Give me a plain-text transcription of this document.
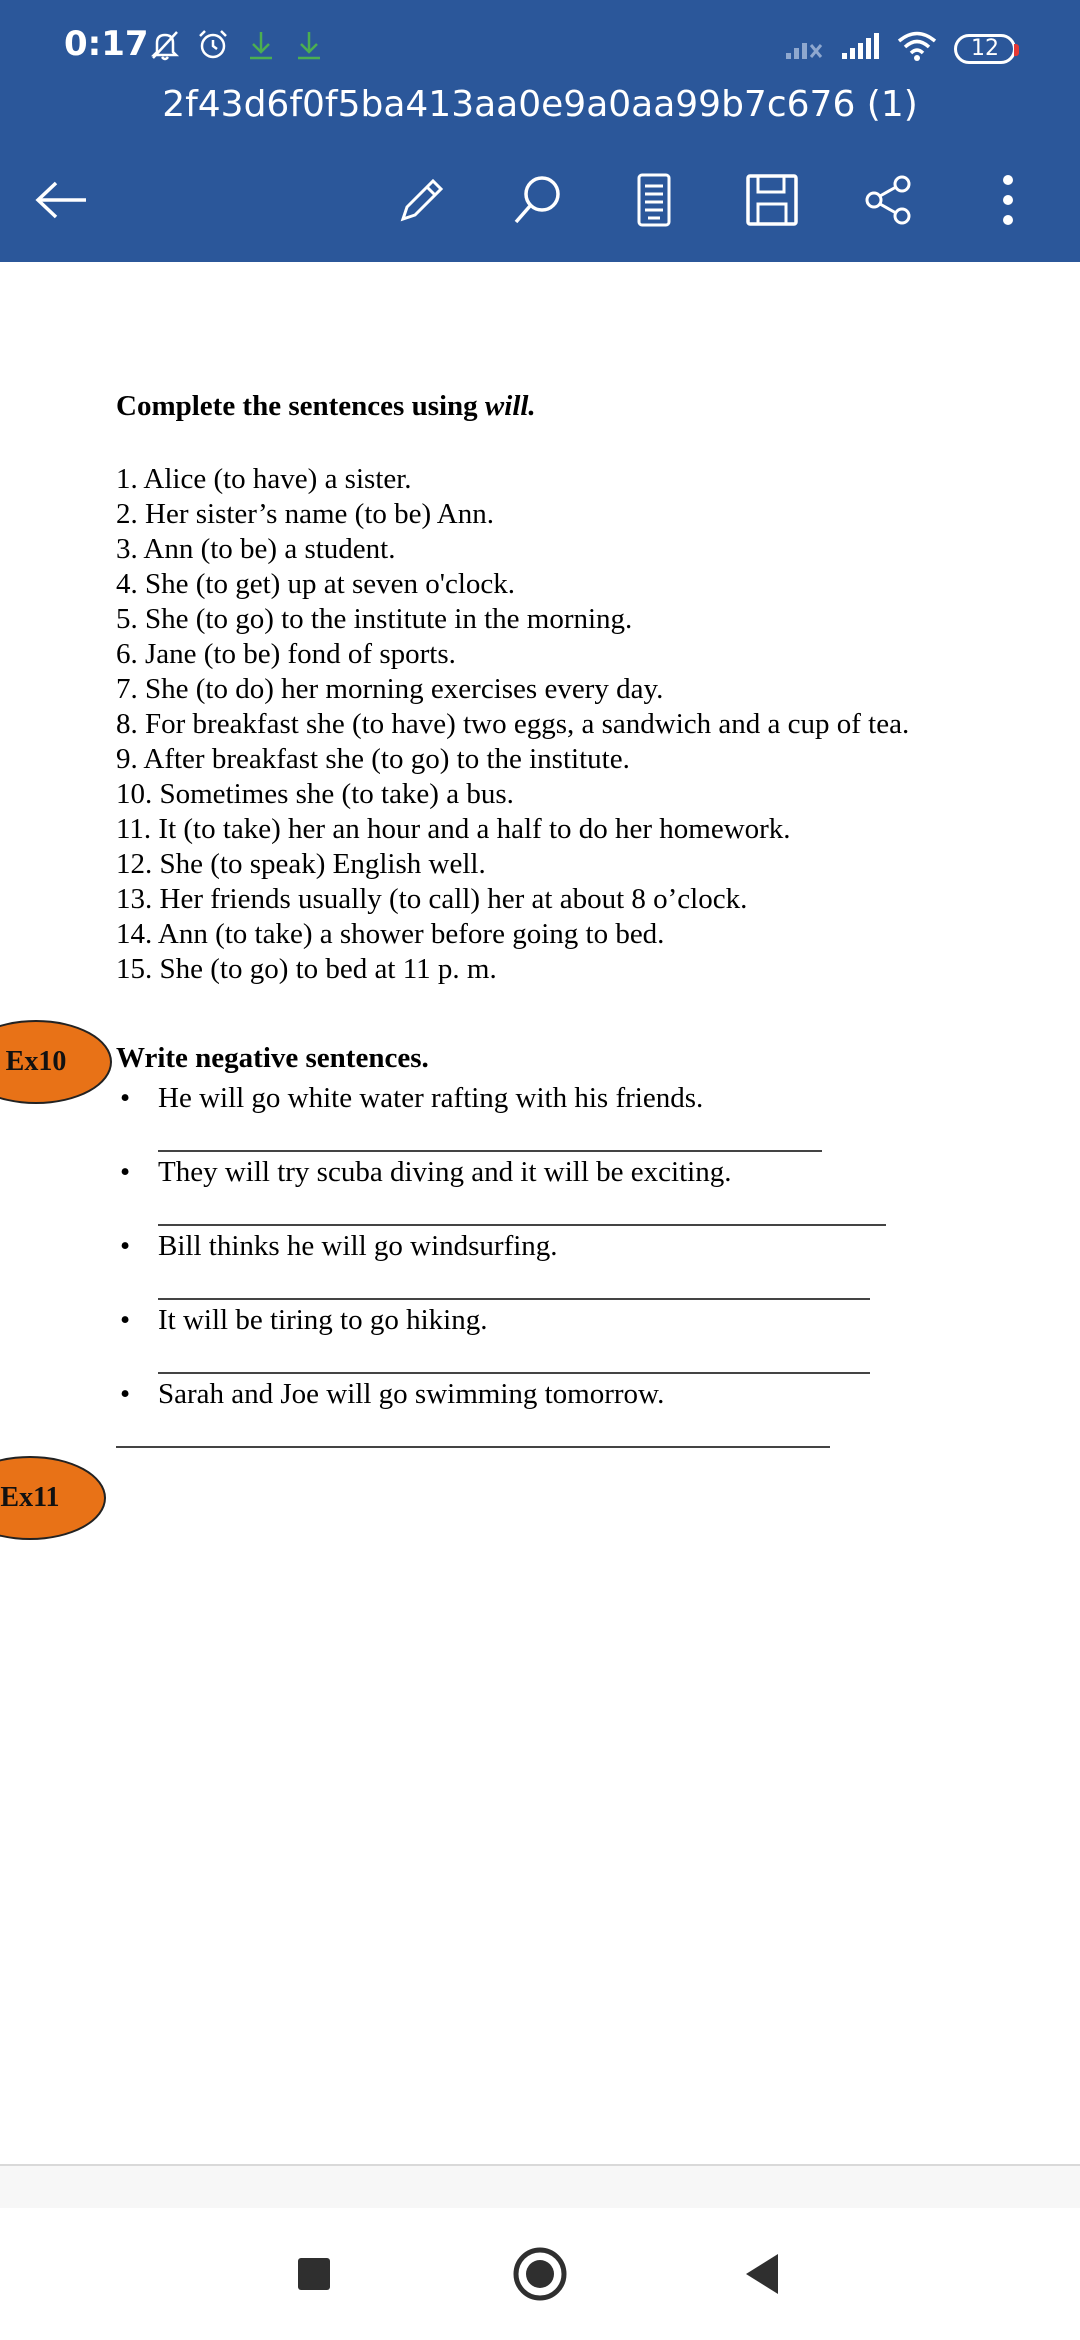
0:17	12
2f43d6f0f5ba413aa0e9a0aa99b7c676 (1)
Complete the sentences using will.
1. Alice (to have) a sister.
2. Her sister’s name (to be) Ann.
3. Ann (to be) a student.
4. She (to get) up at seven o'clock.
5. She (to go) to the institute in the morning.
6. Jane (to be) fond of sports.
7. She (to do) her morning exercises every day.
8. For breakfast she (to have) two eggs, a sandwich and a cup of tea.
9. After breakfast she (to go) to the institute.
10. Sometimes she (to take) a bus.
11. It (to take) her an hour and a half to do her homework.
12. She (to speak) English well.
13. Her friends usually (to call) her at about 8 o’clock.
14. Ann (to take) a shower before going to bed.
15. She (to go) to bed at 11 p. m.
Ex10	Write negative sentences.
• He will go white water rafting with his friends.
• They will try scuba diving and it will be exciting.
• Bill thinks he will go windsurfing.
• It will be tiring to go hiking.
• Sarah and Joe will go swimming tomorrow.
Ex11
